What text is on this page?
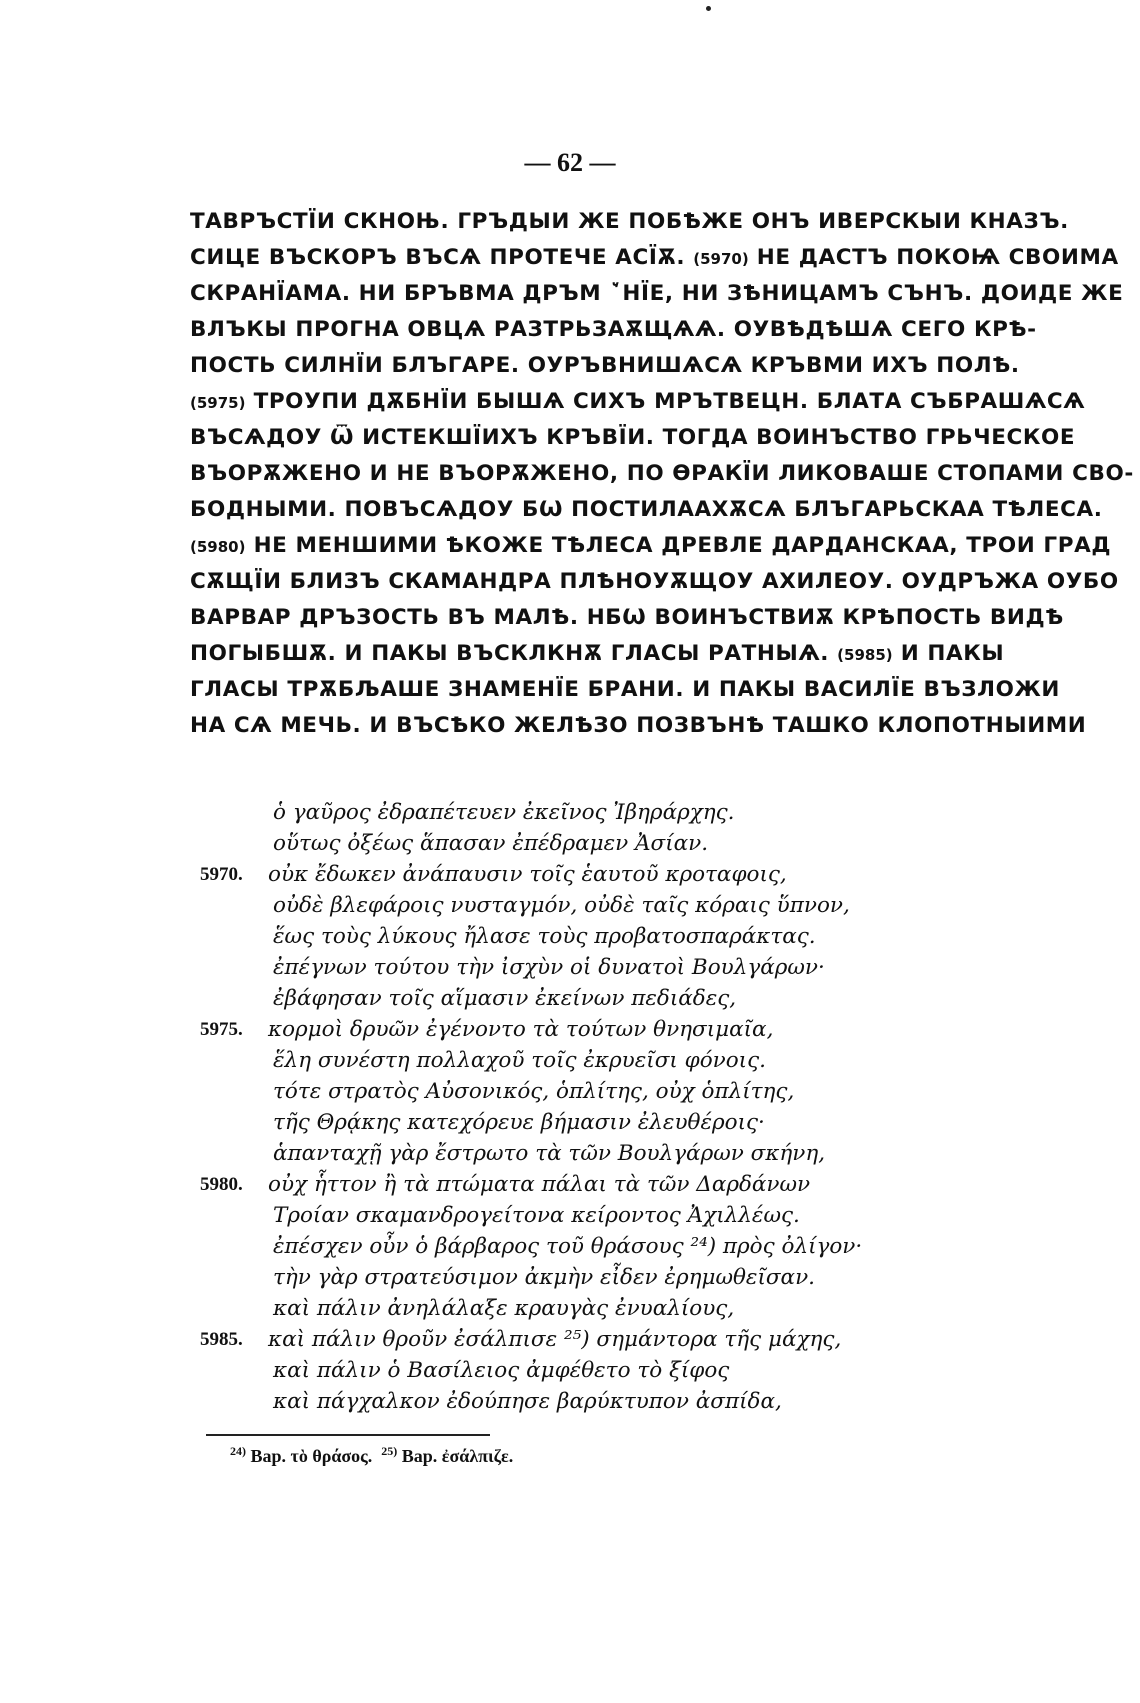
— 62 —
ТАВРЪСТЇИ СКНОЊ. ГРЪДЫИ ЖЕ ПОБѢЖЕ ОНЪ ИВЕРСКЫИ КНАЗЪ.
СИЦЕ ВЪСКОРЪ ВЪСѦ ПРОТЕЧЕ АСЇѪ. (5970) НЕ ДАСТЪ ПОКОѨ СВОИМА
СКРАНЇАМА. НИ БРЪВМА ДРЪМ ꙿНЇЕ, НИ ЗѢНИЦАМЪ СЪНЪ. ДОИДЕ ЖЕ
ВЛЪКЫ ПРОГНА ОВЦѦ РАЗТРЬЗАѪЩѦѦ. ОУВѢДѢШѦ СЕГО КРѢ-
ПОСТЬ СИЛНЇИ БЛЪГАРЕ. ОУРЪВНИШѦСѦ КРЪВМИ ИХЪ ПОЛѢ.
(5975) ТРОУПИ ДѪБНЇИ БЫШѦ СИХЪ МРЪТВЕЦН. БЛАТА СЪБРАШѦСѦ
ВЪСѦДОУ Ѿ ИСТЕКШЇИХЪ КРЪВЇИ. ТОГДА ВОИНЪСТВО ГРЬЧЕСКОЕ
ВЪОРѪЖЕНО И НЕ ВЪОРѪЖЕНО, ПО ѲРАКЇИ ЛИКОВАШЕ СТОПАМИ СВО-
БОДНЫМИ. ПОВЪСѦДОУ БѠ ПОСТИЛААХѪСѦ БЛЪГАРЬСКАА ТѢЛЕСА.
(5980) НЕ МЕНШИМИ ѢКОЖЕ ТѢЛЕСА ДРЕВЛЕ ДАРДАНСКАА, ТРОИ ГРАД
СѪЩЇИ БЛИЗЪ СКАМАНДРА ПЛѢНОУѪЩОУ АХИЛЕОУ. ОУДРЪЖА ОУБО
ВАРВАР ДРЪЗОСТЬ ВЪ МАЛѢ. НБѠ ВОИНЪСТВИѪ КРѢПОСТЬ ВИДѢ
ПОГЫБШѪ. И ПАКЫ ВЪСКЛКНѪ ГЛАСЫ РАТНЫѦ. (5985) И ПАКЫ
ГЛАСЫ ТРѪБЉАШЕ ЗНАМЕНЇЕ БРАНИ. И ПАКЫ ВАСИЛЇЕ ВЪЗЛОЖИ
НА СѦ МЕЧЬ. И ВЪСѢКО ЖЕЛѢЗО ПОЗВЪНѢ ТАШКО КЛОПОТНЫИМИ
ὁ γαῦρος ἐδραπέτευεν ἐκεῖνος Ἰβηράρχης.
οὕτως ὀξέως ἅπασαν ἐπέδραμεν Ἀσίαν.
5970.	οὐκ ἔδωκεν ἀνάπαυσιν τοῖς ἑαυτοῦ κροταφοις,
οὐδὲ βλεφάροις νυσταγμόν, οὐδὲ ταῖς κόραις ὕπνον,
ἕως τοὺς λύκους ἤλασε τοὺς προβατοσπαράκτας.
ἐπέγνων τούτου τὴν ἰσχὺν οἱ δυνατοὶ Βουλγάρων·
ἐβάφησαν τοῖς αἵμασιν ἐκείνων πεδιάδες,
5975.	κορμοὶ δρυῶν ἐγένοντο τὰ τούτων θνησιμαῖα,
ἕλη συνέστη πολλαχοῦ τοῖς ἐκρυεῖσι φόνοις.
τότε στρατὸς Αὐσονικός, ὁπλίτης, οὐχ ὁπλίτης,
τῆς Θρᾴκης κατεχόρευε βήμασιν ἐλευθέροις·
ἁπανταχῇ γὰρ ἔστρωτο τὰ τῶν Βουλγάρων σκήνη,
5980.	οὐχ ἧττον ἢ τὰ πτώματα πάλαι τὰ τῶν Δαρδάνων
Τροίαν σκαμανδρογείτονα κείροντος Ἀχιλλέως.
ἐπέσχεν οὖν ὁ βάρβαρος τοῦ θράσους ²⁴) πρὸς ὀλίγον·
τὴν γὰρ στρατεύσιμον ἀκμὴν εἶδεν ἐρημωθεῖσαν.
καὶ πάλιν ἀνηλάλαξε κραυγὰς ἐνυαλίους,
5985.	καὶ πάλιν θροῦν ἐσάλπισε ²⁵) σημάντορα τῆς μάχης,
καὶ πάλιν ὁ Βασίλειος ἀμφέθετο τὸ ξίφος
καὶ πάγχαλκον ἐδούπησε βαρύκτυπον ἀσπίδα,
$^{24)}$ Вар. τὸ θράσος. $^{25)}$ Вар. ἐσάλπιζε.
